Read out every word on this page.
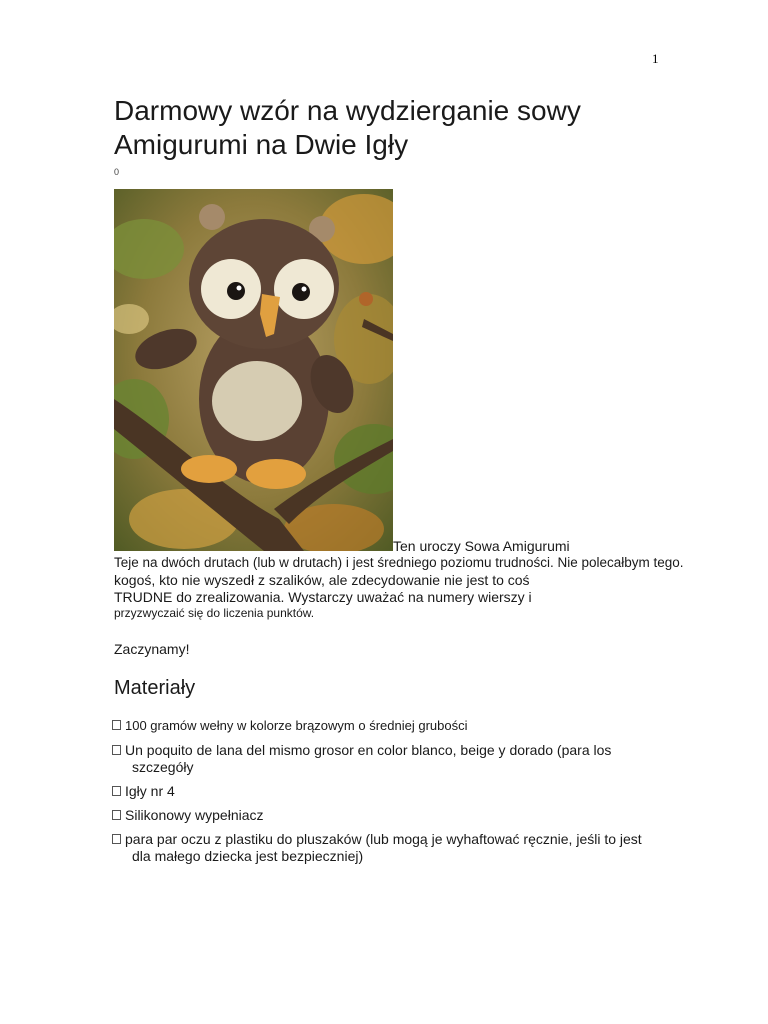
1
Darmowy wzór na wydzierganie sowy Amigurumi na Dwie Igły
0
Ten uroczy Sowa Amigurumi
Teje na dwóch drutach (lub w drutach) i jest średniego poziomu trudności. Nie polecałbym tego.
kogoś, kto nie wyszedł z szalików, ale zdecydowanie nie jest to coś
TRUDNE do zrealizowania. Wystarczy uważać na numery wierszy i
przyzwyczaić się do liczenia punktów.
Zaczynamy!
Materiały
100 gramów wełny w kolorze brązowym o średniej grubości
Un poquito de lana del mismo grosor en color blanco, beige y dorado (para los
szczegóły
Igły nr 4
Silikonowy wypełniacz
para par oczu z plastiku do pluszaków (lub mogą je wyhaftować ręcznie, jeśli to jest
dla małego dziecka jest bezpieczniej)
